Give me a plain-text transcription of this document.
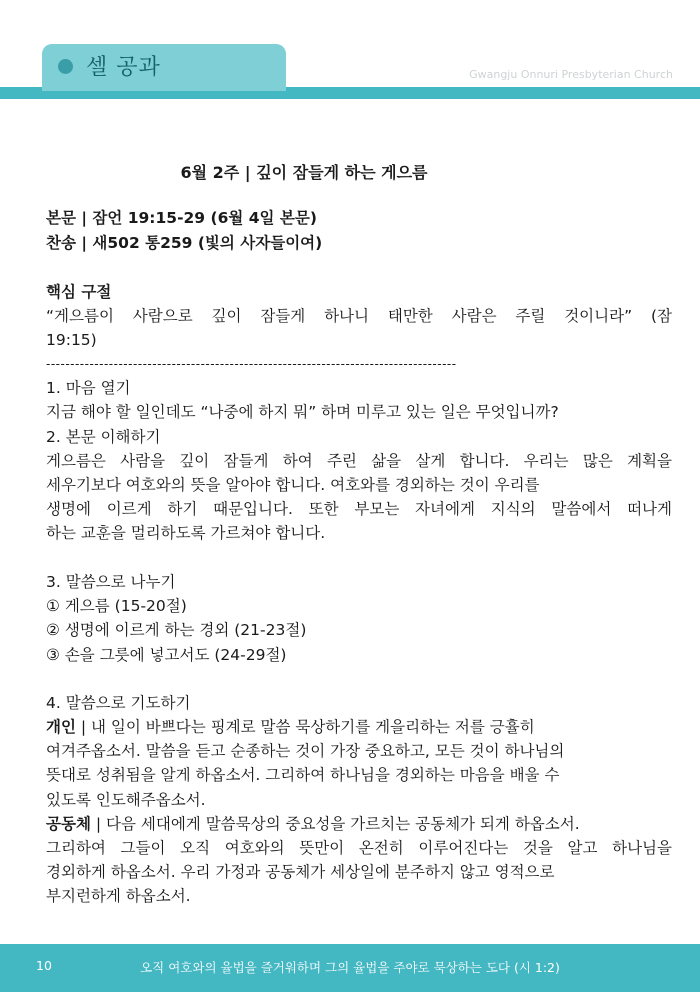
셀 공과	Gwangju Onnuri Presbyterian Church
6월 2주 | 깊이 잠들게 하는 게으름
본문 | 잠언 19:15-29 (6월 4일 본문)
찬송 | 새502 통259 (빛의 사자들이여)
핵심 구절
“게으름이 사람으로 깊이 잠들게 하나니 태만한 사람은 주릴 것이니라” (잠
19:15)
-------------------------------------------------------------------------------------
1. 마음 열기
지금 해야 할 일인데도 “나중에 하지 뭐” 하며 미루고 있는 일은 무엇입니까?
2. 본문 이해하기
게으름은 사람을 깊이 잠들게 하여 주린 삶을 살게 합니다. 우리는 많은 계획을
세우기보다 여호와의 뜻을 알아야 합니다. 여호와를 경외하는 것이 우리를
생명에 이르게 하기 때문입니다. 또한 부모는 자녀에게 지식의 말씀에서 떠나게
하는 교훈을 멀리하도록 가르쳐야 합니다.
3. 말씀으로 나누기
① 게으름 (15-20절)
② 생명에 이르게 하는 경외 (21-23절)
③ 손을 그릇에 넣고서도 (24-29절)
4. 말씀으로 기도하기
개인 | 내 일이 바쁘다는 핑계로 말씀 묵상하기를 게을리하는 저를 긍휼히
여겨주옵소서. 말씀을 듣고 순종하는 것이 가장 중요하고, 모든 것이 하나님의
뜻대로 성취됨을 알게 하옵소서. 그리하여 하나님을 경외하는 마음을 배울 수
있도록 인도해주옵소서.
공동체 | 다음 세대에게 말씀묵상의 중요성을 가르치는 공동체가 되게 하옵소서.
그리하여 그들이 오직 여호와의 뜻만이 온전히 이루어진다는 것을 알고 하나님을
경외하게 하옵소서. 우리 가정과 공동체가 세상일에 분주하지 않고 영적으로
부지런하게 하옵소서.
10	오직 여호와의 율법을 즐거워하며 그의 율법을 주야로 묵상하는 도다 (시 1:2)
